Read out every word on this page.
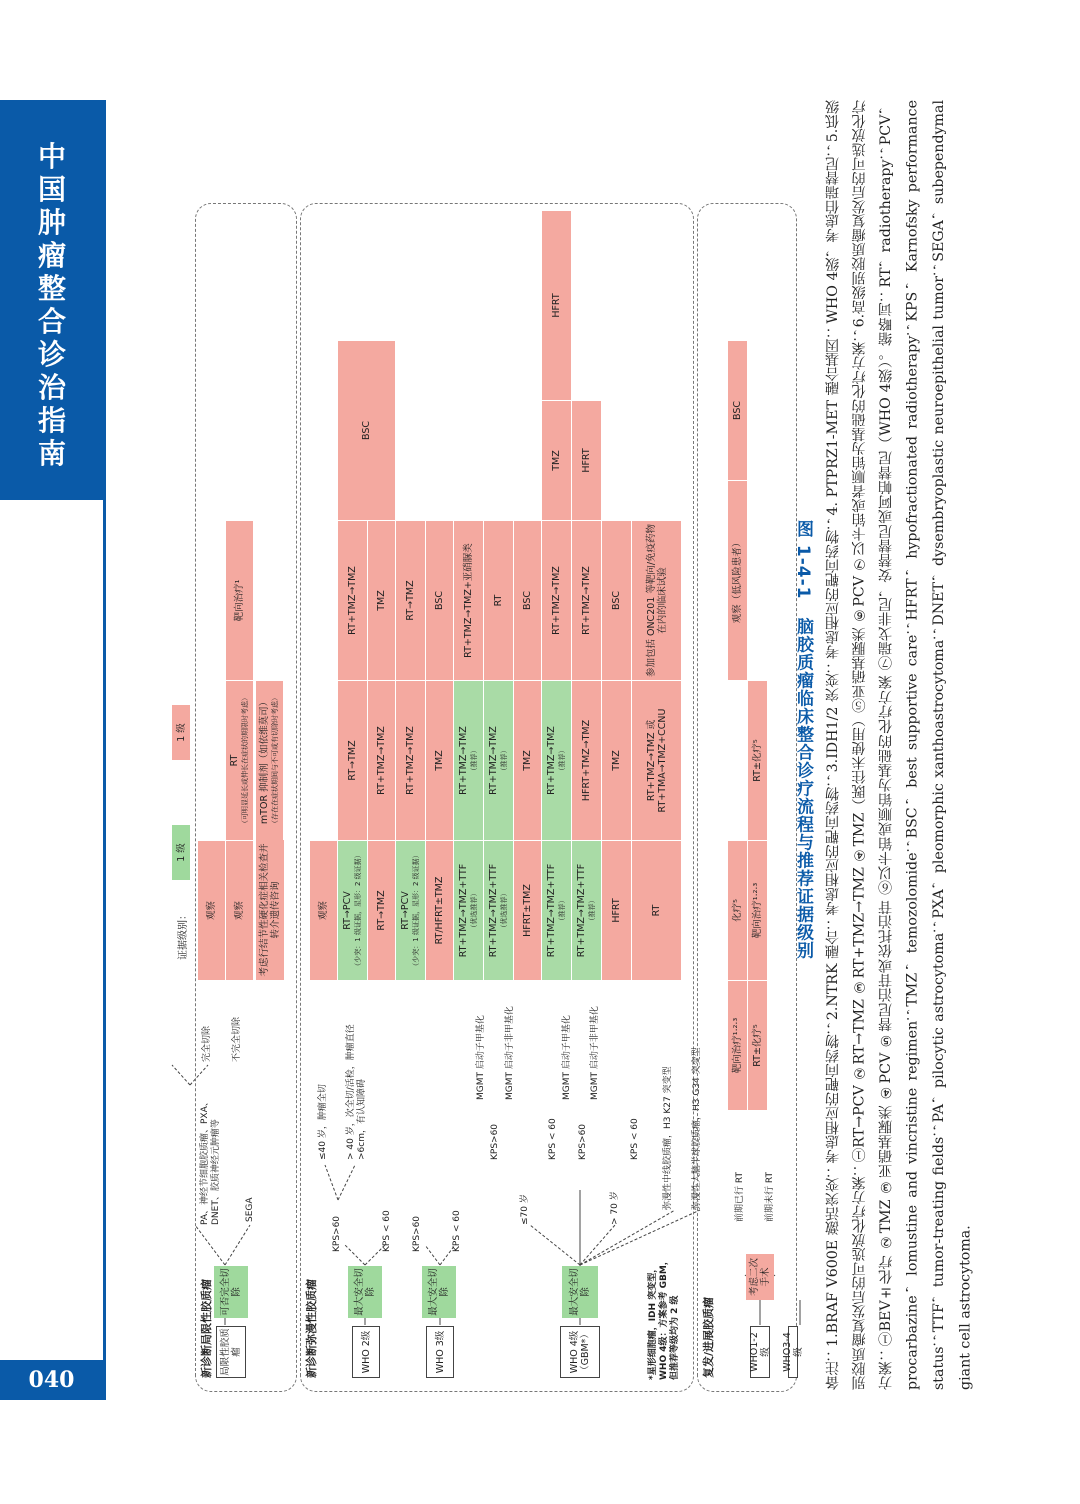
中
国
肿
瘤
整
合
诊
治
指
南
040
证据级别：
1 级
1 级
新诊断局限性胶质瘤 局限性胶质瘤
可否完全切除
PA、神经节细胞胶质瘤、PXA、DNET、胶质神经元肿瘤等	SEGA
完全切除 不完全切除
观察	观察
RT （可明显延长或伸长在症状的期限时考虑）
靶向治疗¹
考虑行结节性硬化症相关检查并转介遗传咨询
mTOR 抑制剂（如依维莫司） （存在在症状期间与不可或有切除时考虑）
新诊断弥漫性胶质瘤	WHO 2级
最大安全切除
KPS>60	KPS < 60
≤40 岁，肿瘤全切 > 40 岁，次全切/活检，肿瘤直径>6cm，有认知障碍
WHO 3级
最大安全切除
KPS>60	KPS < 60
WHO 4级（GBM*）
最大安全切除
≤70 岁	> 70 岁
KPS>60	KPS < 60 KPS>60	KPS < 60
MGMT 启动子甲基化 MGMT 启动子非甲基化	MGMT 启动子甲基化 MGMT 启动子非甲基化
弥漫性中线胶质瘤，H3 K27 突变型 弥漫性大脑半球胶质瘤，H3 G34 突变型
*星形细胞瘤，IDH 突变型，WHO 4级：方案参考 GBM，但推荐等级均为 2 级
观察	RT→PCV （少突：1 级证据，星形：2 级证据）
RT→TMZ
RT+TMZ→TMZ
BSC
RT→TMZ
RT+TMZ→TMZ
TMZ
RT→PCV （少突：1 级证据，星形：2 级证据）
RT+TMZ→TMZ
RT→TMZ
RT/HFRT±TMZ
TMZ
BSC
RT+TMZ→TMZ+TTF （优选推荐）
RT+TMZ→TMZ （推荐）
RT+TMZ→TMZ+亚硝脲类
RT+TMZ→TMZ+TTF （优选推荐）
RT+TMZ→TMZ （推荐）
RT
HFRT±TMZ
TMZ
BSC
RT+TMZ→TMZ+TTF （推荐）
RT+TMZ→TMZ （推荐）
RT+TMZ→TMZ
TMZ
HFRT
RT+TMZ→TMZ+TTF （推荐）
HFRT+TMZ→TMZ
RT+TMZ→TMZ
HFRT
HFRT
TMZ
BSC
RT
RT+TMZ→TMZ 或 RT+TMA→TMZ+CCNU
参加包括 ONC201 等靶向/免疫药物在内的临床试验
复发/进展胶质瘤	WHO1-2 级 WHO3-4 级
考虑二次手术
前期已行 RT 前期未行 RT
靶向治疗¹·²·³
化疗⁵
观察（低风险患者）
BSC
RT±化疗⁵
靶向治疗¹·²·³
RT±化疗⁵	图 1-4-1　脑胶质瘤临床整合诊疗流程与推荐证据级别 备注：1.BRAF V600E 激活突变：考虑相应的靶向药物；2.NTRK 融合：考虑相应的靶向药物；3.IDH1/2 突变：考虑相应的靶向药物；4. PTPRZ1-MET 融合基因：WHO 4级，考虑伯瑞替尼；5.低级别胶质瘤复发后的可选放化疗方案：①RT→PCV ②RT→TMZ ③RT+TMZ→TMZ ④TMZ（既往未使用）⑤亚硝基脲类 ⑥PCV ⑦以卡铂或者顺铂为基础的化疗方案；6.高级别胶质瘤复发后的可选放化疗方案：①BEV±化疗 ②TMZ ③亚硝基脲类 ④PCV ⑤替尼泊苷或依托泊苷 ⑥以卡铂或顺铂为基础的化疗方案 ⑦瑞戈非尼，安替替尼或阿帕替尼（WHO 4级）。缩略词：RT，radiotherapy；PCV，procarbazine，lomustine and vincristine regimen；TMZ，temozolomide；BSC，best supportive care；HFRT，hypofractionated radiotherapy；KPS，Karnofsky performance status；TTF，tumor-treating fields；PA，pilocytic astrocytoma；PXA，pleomorphic xanthoastrocytoma；DNET，dysembryoplastic neuroepithelial tumor；SEGA，subependymal giant cell astrocytoma.
